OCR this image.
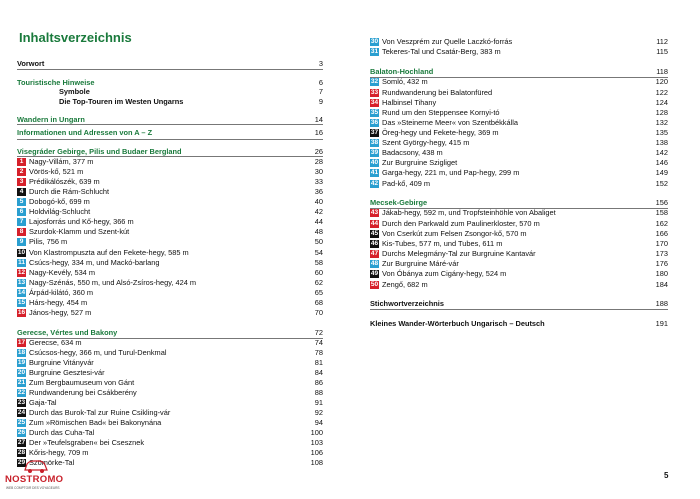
Inhaltsverzeichnis
Vorwort	3
Touristische Hinweise	6
Symbole	7
Die Top-Touren im Westen Ungarns	9
Wandern in Ungarn	14
Informationen und Adressen von A – Z	16
Visegráder Gebirge, Pilis und Budaer Bergland	26
1 Nagy-Villám, 377 m	28
2 Vörös-kő, 521 m	30
3 Prédikálószék, 639 m	33
4 Durch die Rám-Schlucht	36
5 Dobogó-kő, 699 m	40
6 Holdvilág-Schlucht	42
7 Lajosforrás und Kő-hegy, 366 m	44
8 Szurdok-Klamm und Szent-kút	48
9 Pilis, 756 m	50
10 Von Klastrompuszta auf den Fekete-hegy, 585 m	54
11 Csúcs-hegy, 334 m, und Mackó-barlang	58
12 Nagy-Kevély, 534 m	60
13 Nagy-Szénás, 550 m, und Alsó-Zsíros-hegy, 424 m	62
14 Árpád-kilátó, 360 m	65
15 Hárs-hegy, 454 m	68
16 János-hegy, 527 m	70
Gerecse, Vértes und Bakony	72
17 Gerecse, 634 m	74
18 Csúcsos-hegy, 366 m, und Turul-Denkmal	78
19 Burgruine Vitányvár	81
20 Burgruine Gesztesi-vár	84
21 Zum Bergbaumuseum von Gánt	86
22 Rundwanderung bei Csákberény	88
23 Gaja-Tal	91
24 Durch das Burok-Tal zur Ruine Csikling-vár	92
25 Zum »Römischen Bad« bei Bakonynána	94
26 Durch das Cuha-Tal	100
27 Der »Teufelsgraben« bei Csesznek	103
28 Kőris-hegy, 709 m	106
29 Szömörke-Tal	108
30 Von Veszprém zur Quelle Laczkó-forrás	112
31 Tekeres-Tal und Csatár-Berg, 383 m	115
Balaton-Hochland	118
32 Somló, 432 m	120
33 Rundwanderung bei Balatonfüred	122
34 Halbinsel Tihany	124
35 Rund um den Steppensee Kornyi-tó	128
36 Das »Steinerne Meer« von Szentbékkálla	132
37 Öreg-hegy und Fekete-hegy, 369 m	135
38 Szent György-hegy, 415 m	138
39 Badacsony, 438 m	142
40 Zur Burgruine Szigliget	146
41 Garga-hegy, 221 m, und Pap-hegy, 299 m	149
42 Pad-kő, 409 m	152
Mecsek-Gebirge	156
43 Jákab-hegy, 592 m, und Tropfsteinhöhle von Abaliget	158
44 Durch den Parkwald zum Paulinerkloster, 570 m	162
45 Von Cserkút zum Felsen Zsongor-kő, 570 m	166
46 Kis-Tubes, 577 m, und Tubes, 611 m	170
47 Durchs Melegmány-Tal zur Burgruine Kantavár	173
48 Zur Burgruine Máré-vár	176
49 Von Óbánya zum Cigány-hegy, 524 m	180
50 Zengő, 682 m	184
Stichwortverzeichnis	188
Kleines Wander-Wörterbuch Ungarisch – Deutsch	191
5
NOSTROMO
WEB COMPTOIR DES VOYAGEURS
